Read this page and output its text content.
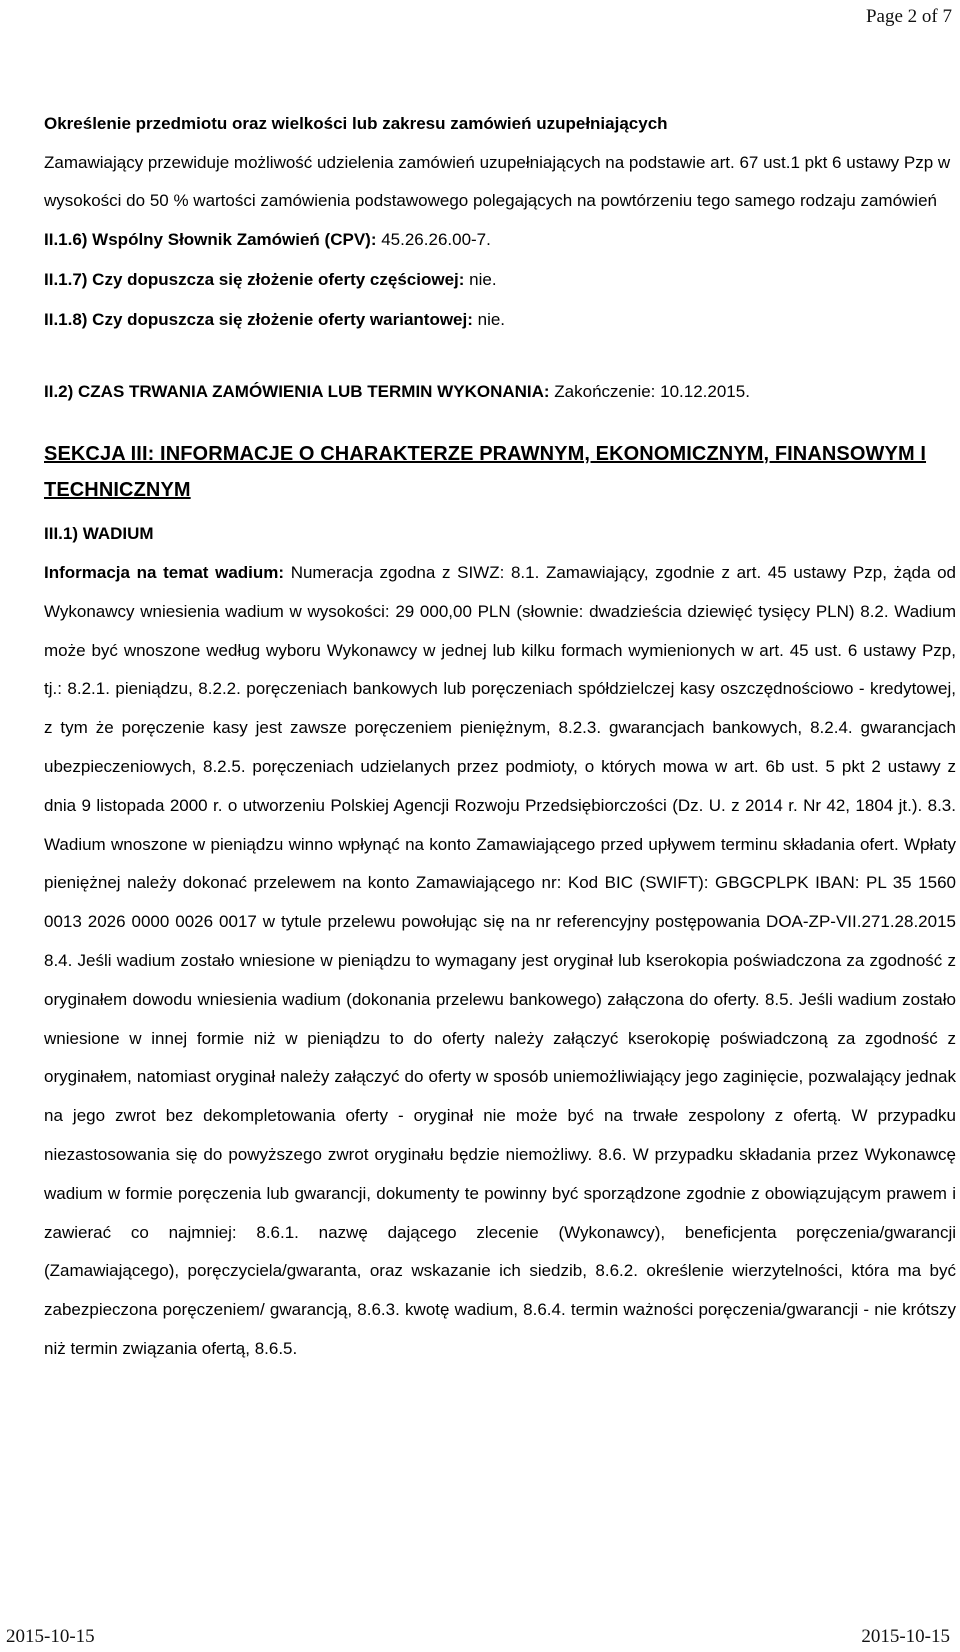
Page 2 of 7

Określenie przedmiotu oraz wielkości lub zakresu zamówień uzupełniających

Zamawiający przewiduje możliwość udzielenia zamówień uzupełniających na podstawie art. 67 ust.1 pkt 6 ustawy Pzp w wysokości do 50 % wartości zamówienia podstawowego polegających na powtórzeniu tego samego rodzaju zamówień

II.1.6) Wspólny Słownik Zamówień (CPV): 45.26.26.00-7.

II.1.7) Czy dopuszcza się złożenie oferty częściowej: nie.

II.1.8) Czy dopuszcza się złożenie oferty wariantowej: nie.

II.2) CZAS TRWANIA ZAMÓWIENIA LUB TERMIN WYKONANIA: Zakończenie: 10.12.2015.

SEKCJA III: INFORMACJE O CHARAKTERZE PRAWNYM, EKONOMICZNYM, FINANSOWYM I TECHNICZNYM

III.1) WADIUM

Informacja na temat wadium: Numeracja zgodna z SIWZ: 8.1. Zamawiający, zgodnie z art. 45 ustawy Pzp, żąda od Wykonawcy wniesienia wadium w wysokości: 29 000,00 PLN (słownie: dwadzieścia dziewięć tysięcy PLN) 8.2. Wadium może być wnoszone według wyboru Wykonawcy w jednej lub kilku formach wymienionych w art. 45 ust. 6 ustawy Pzp, tj.: 8.2.1. pieniądzu, 8.2.2. poręczeniach bankowych lub poręczeniach spółdzielczej kasy oszczędnościowo - kredytowej, z tym że poręczenie kasy jest zawsze poręczeniem pieniężnym, 8.2.3. gwarancjach bankowych, 8.2.4. gwarancjach ubezpieczeniowych, 8.2.5. poręczeniach udzielanych przez podmioty, o których mowa w art. 6b ust. 5 pkt 2 ustawy z dnia 9 listopada 2000 r. o utworzeniu Polskiej Agencji Rozwoju Przedsiębiorczości (Dz. U. z 2014 r. Nr 42, 1804 jt.). 8.3. Wadium wnoszone w pieniądzu winno wpłynąć na konto Zamawiającego przed upływem terminu składania ofert. Wpłaty pieniężnej należy dokonać przelewem na konto Zamawiającego nr: Kod BIC (SWIFT): GBGCPLPK IBAN: PL 35 1560 0013 2026 0000 0026 0017 w tytule przelewu powołując się na nr referencyjny postępowania DOA-ZP-VII.271.28.2015 8.4. Jeśli wadium zostało wniesione w pieniądzu to wymagany jest oryginał lub kserokopia poświadczona za zgodność z oryginałem dowodu wniesienia wadium (dokonania przelewu bankowego) załączona do oferty. 8.5. Jeśli wadium zostało wniesione w innej formie niż w pieniądzu to do oferty należy załączyć kserokopię poświadczoną za zgodność z oryginałem, natomiast oryginał należy załączyć do oferty w sposób uniemożliwiający jego zaginięcie, pozwalający jednak na jego zwrot bez dekompletowania oferty - oryginał nie może być na trwałe zespolony z ofertą. W przypadku niezastosowania się do powyższego zwrot oryginału będzie niemożliwy. 8.6. W przypadku składania przez Wykonawcę wadium w formie poręczenia lub gwarancji, dokumenty te powinny być sporządzone zgodnie z obowiązującym prawem i zawierać co najmniej: 8.6.1. nazwę dającego zlecenie (Wykonawcy), beneficjenta poręczenia/gwarancji (Zamawiającego), poręczyciela/gwaranta, oraz wskazanie ich siedzib, 8.6.2. określenie wierzytelności, która ma być zabezpieczona poręczeniem/ gwarancją, 8.6.3. kwotę wadium, 8.6.4. termin ważności poręczenia/gwarancji - nie krótszy niż termin związania ofertą, 8.6.5.

2015-10-15	2015-10-15
